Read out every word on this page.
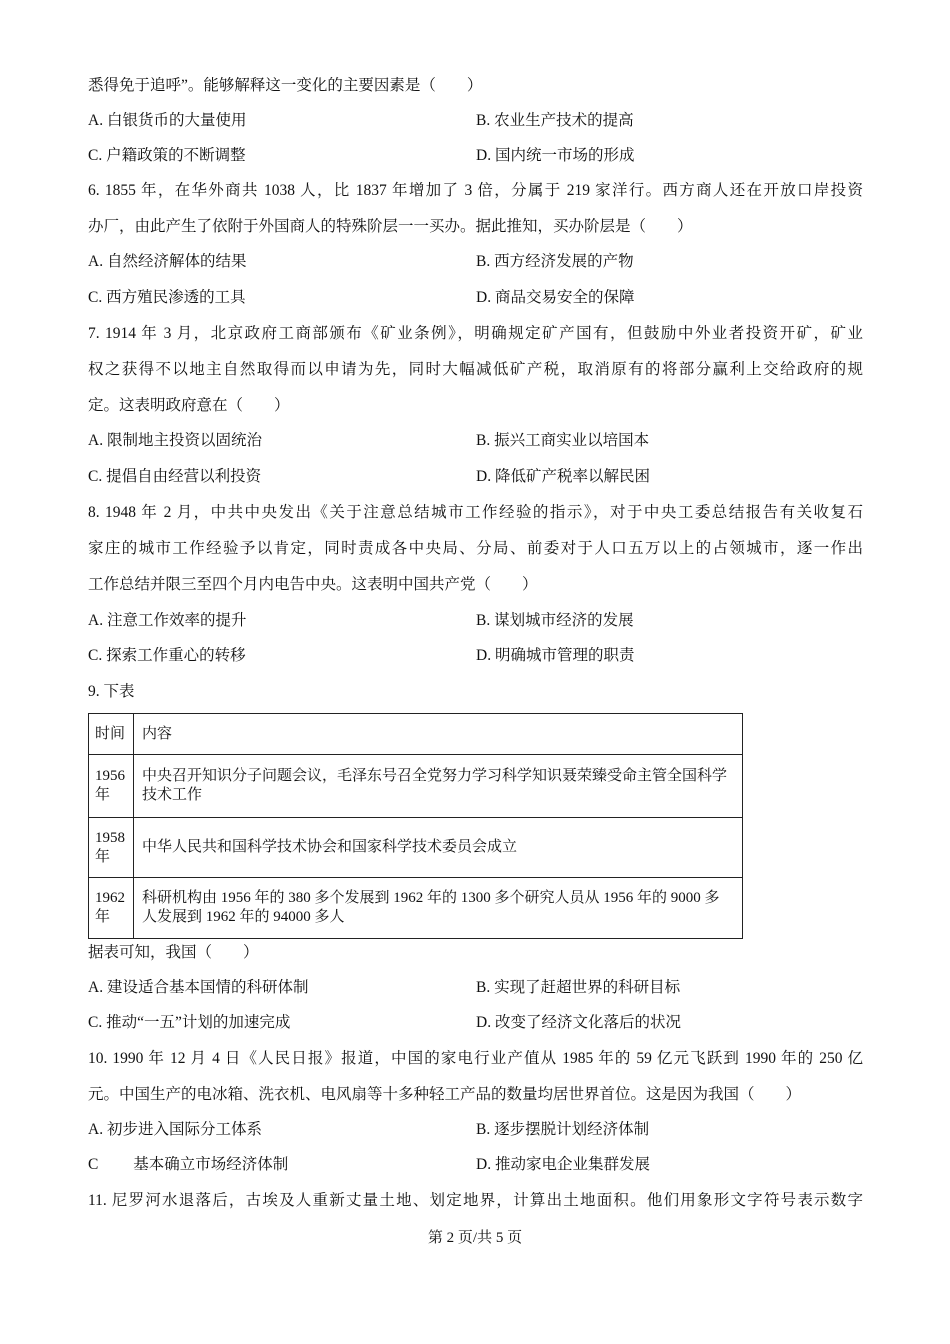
悉得免于追呼”。能够解释这一变化的主要因素是（　　）
A. 白银货币的大量使用	B. 农业生产技术的提高
C. 户籍政策的不断调整	D. 国内统一市场的形成
6. 1855 年，在华外商共 1038 人，比 1837 年增加了 3 倍，分属于 219 家洋行。西方商人还在开放口岸投资
办厂，由此产生了依附于外国商人的特殊阶层一一买办。据此推知，买办阶层是（　　）
A. 自然经济解体的结果	B. 西方经济发展的产物
C. 西方殖民渗透的工具	D. 商品交易安全的保障
7. 1914 年 3 月，北京政府工商部颁布《矿业条例》，明确规定矿产国有，但鼓励中外业者投资开矿，矿业
权之获得不以地主自然取得而以申请为先，同时大幅减低矿产税，取消原有的将部分赢利上交给政府的规
定。这表明政府意在（　　）
A. 限制地主投资以固统治	B. 振兴工商实业以培国本
C. 提倡自由经营以利投资	D. 降低矿产税率以解民困
8. 1948 年 2 月，中共中央发出《关于注意总结城市工作经验的指示》，对于中央工委总结报告有关收复石
家庄的城市工作经验予以肯定，同时责成各中央局、分局、前委对于人口五万以上的占领城市，逐一作出
工作总结并限三至四个月内电告中央。这表明中国共产党（　　）
A. 注意工作效率的提升	B. 谋划城市经济的发展
C. 探索工作重心的转移	D. 明确城市管理的职责
9. 下表
时间	内容
1956 年	中央召开知识分子问题会议，毛泽东号召全党努力学习科学知识聂荣臻受命主管全国科学技术工作
1958 年	中华人民共和国科学技术协会和国家科学技术委员会成立
1962 年	科研机构由 1956 年的 380 多个发展到 1962 年的 1300 多个研究人员从 1956 年的 9000 多人发展到 1962 年的 94000 多人
据表可知，我国（　　）
A. 建设适合基本国情的科研体制	B. 实现了赶超世界的科研目标
C. 推动“一五”计划的加速完成	D. 改变了经济文化落后的状况
10. 1990 年 12 月 4 日《人民日报》报道，中国的家电行业产值从 1985 年的 59 亿元飞跃到 1990 年的 250 亿
元。中国生产的电冰箱、洗衣机、电风扇等十多种轻工产品的数量均居世界首位。这是因为我国（　　）
A. 初步进入国际分工体系	B. 逐步摆脱计划经济体制
C　　 基本确立市场经济体制	D. 推动家电企业集群发展
11. 尼罗河水退落后，古埃及人重新丈量土地、划定地界，计算出土地面积。他们用象形文字符号表示数字
第 2 页/共 5 页
